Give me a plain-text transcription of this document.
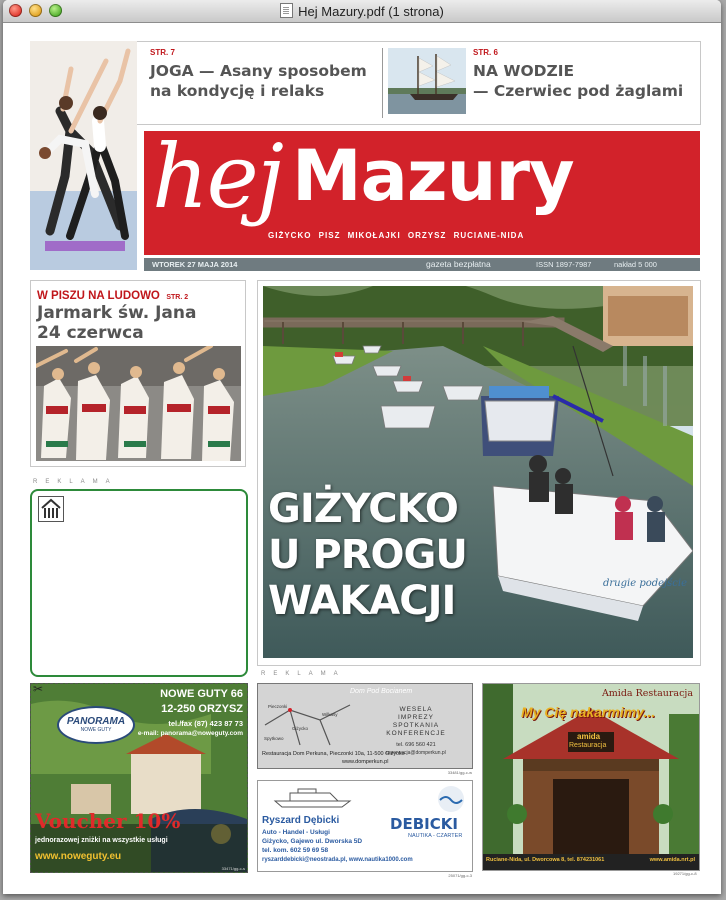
Hej Mazury.pdf (1 strona)
STR. 7
JOGA — Asany sposobem
na kondycję i relaks
STR. 6
NA WODZIE
— Czerwiec pod żaglami
hej Mazury
GIŻYCKO PISZ MIKOŁAJKI ORZYSZ RUCIANE-NIDA
WTOREK 27 MAJA 2014	gazeta bezpłatna	ISSN 1897-7987	nakład 5 000
W PISZU NA LUDOWO STR. 2
Jarmark św. Jana
24 czerwca
drugie podejście
GIŻYCKO
U PROGU
WAKACJI
REKLAMA
REKLAMA
✂
PANORAMA
NOWE GUTY
NOWE GUTY 66
12-250 ORZYSZ
tel./fax (87) 423 87 73
e-mail: panorama@noweguty.com
Voucher 10%
jednorazowej zniżki na wszystkie usługi
www.noweguty.eu
33471/gg-c-s
Dom Pod Bocianem
Pieczonki
Giżycko
Wilkasy
Spytkowo
WESELA
IMPREZY
SPOTKANIA
KONFERENCJE
tel. 696 560 421
rezerwacja@domperkun.pl
Restauracja Dom Perkuna, Pieczonki 10a, 11-500 Giżycko
www.domperkun.pl
33481/gg-c-w
Ryszard Dębicki
Auto - Handel - Usługi
Giżycko, Gajewo ul. Dworska 5D
tel. kom. 602 59 69 58
ryszarddebicki@neostrada.pl, www.nautika1000.com
DEBICKI
NAUTIKA - CZARTER
25071/gg-c-3
Amida Restauracja
My Cię nakarmimy...
amida
Restauracja
Ruciane-Nida, ul. Dworcowa 8, tel. 874231061	www.amida.nrt.pl
19271/gg-c-8
